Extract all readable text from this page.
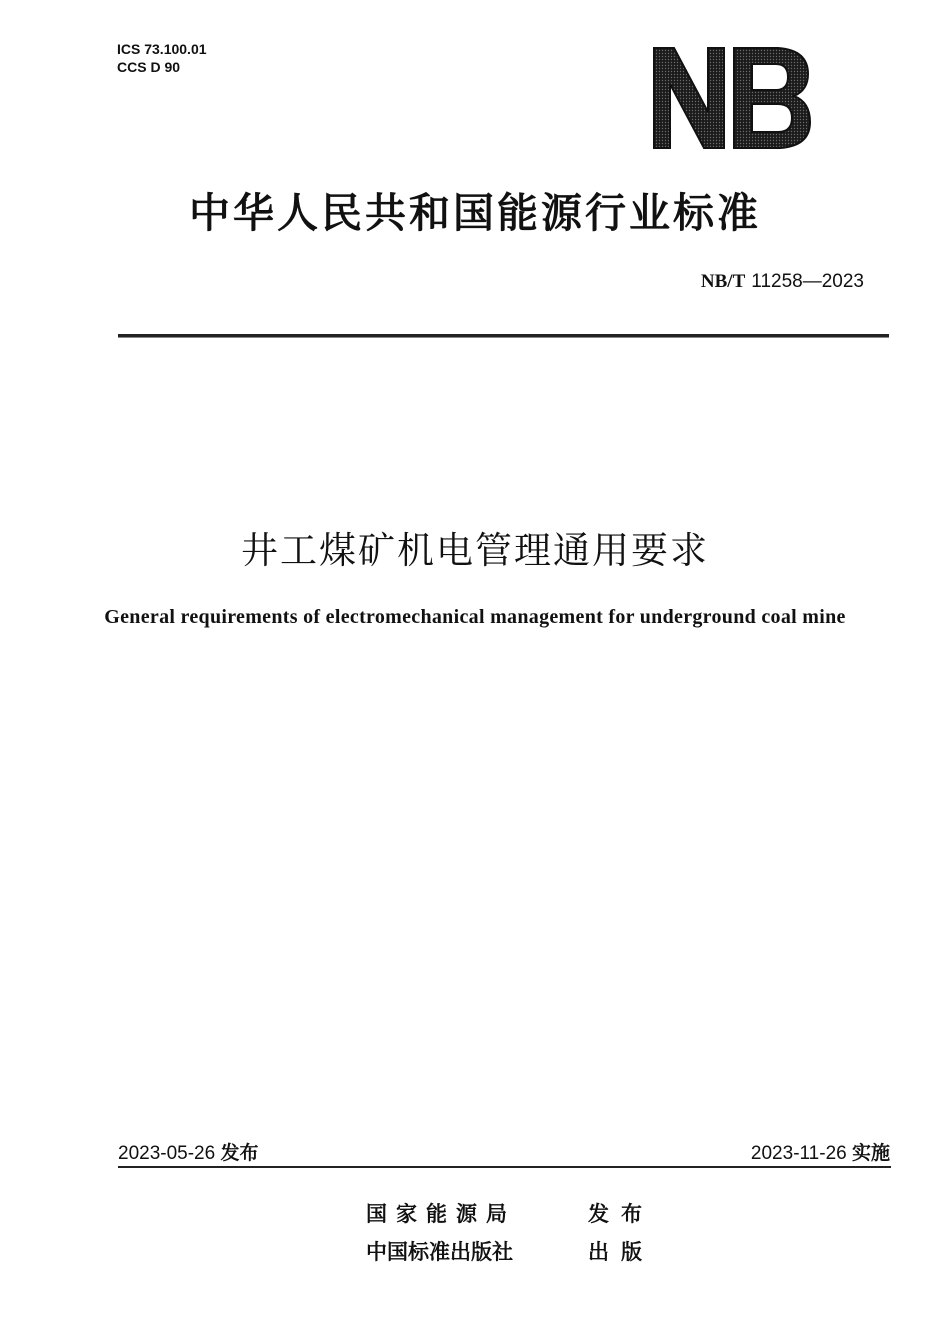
ICS 73.100.01
CCS D 90
中华人民共和国能源行业标准
NB/T 11258—2023
井工煤矿机电管理通用要求
General requirements of electromechanical management for underground coal mine
2023-05-26 发布	2023-11-26 实施
国家能源局	发布
中国标准出版社	出版
